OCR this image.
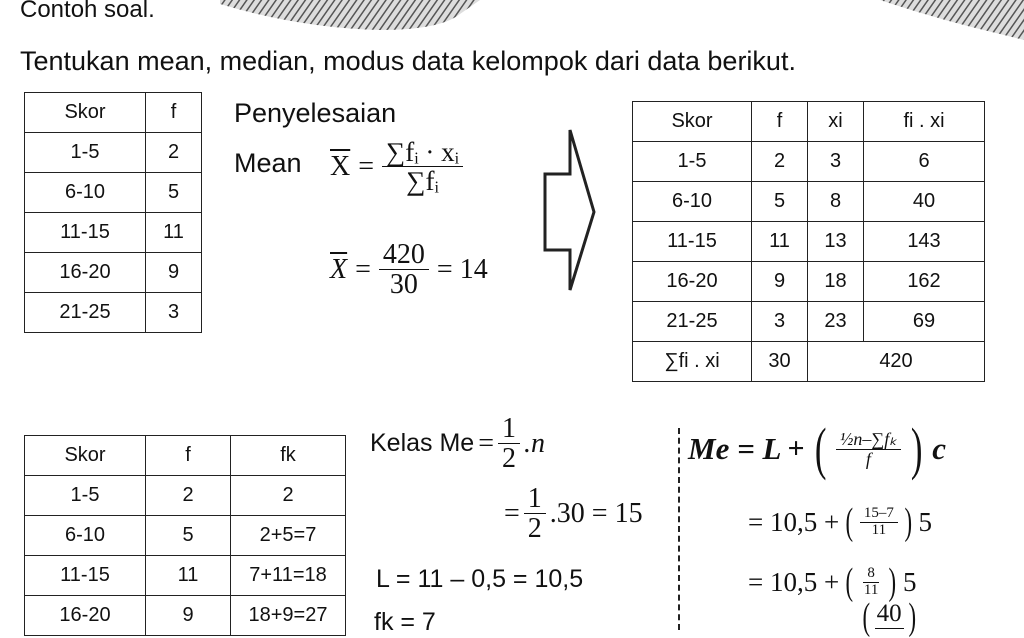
Contoh soal.
Tentukan mean, median, modus data kelompok dari data berikut.
Skor	f
1-5	2
6-10	5
11-15	11
16-20	9
21-25	3
Penyelesaian
Mean $\overline{X} = \frac{\text{∑fᵢ · xᵢ}}{\text{∑fᵢ}}$
$\overline{X} = \frac{420}{30} = 14$
Skor	f	xi	fi . xi
1-5	2	3	6
6-10	5	8	40
11-15	11	13	143
16-20	9	18	162
21-25	3	23	69
∑fi . xi	30	420	
Skor	f	fk
1-5	2	2
6-10	5	2+5=7
11-15	11	7+11=18
16-20	9	18+9=27
Kelas $Me = \frac{1}{2} .n$
= $\frac{1}{2} .30 = 15$
L = 11 – 0,5 = 10,5
fk = 7
Me = L + ( $\frac{\text{½n–∑fₖ}}{f}$ ) c
= 10,5 + ( $\frac{15-7}{11}$ ) 5
= 10,5 + ( $\frac{8}{11}$ ) 5
( 40 )
